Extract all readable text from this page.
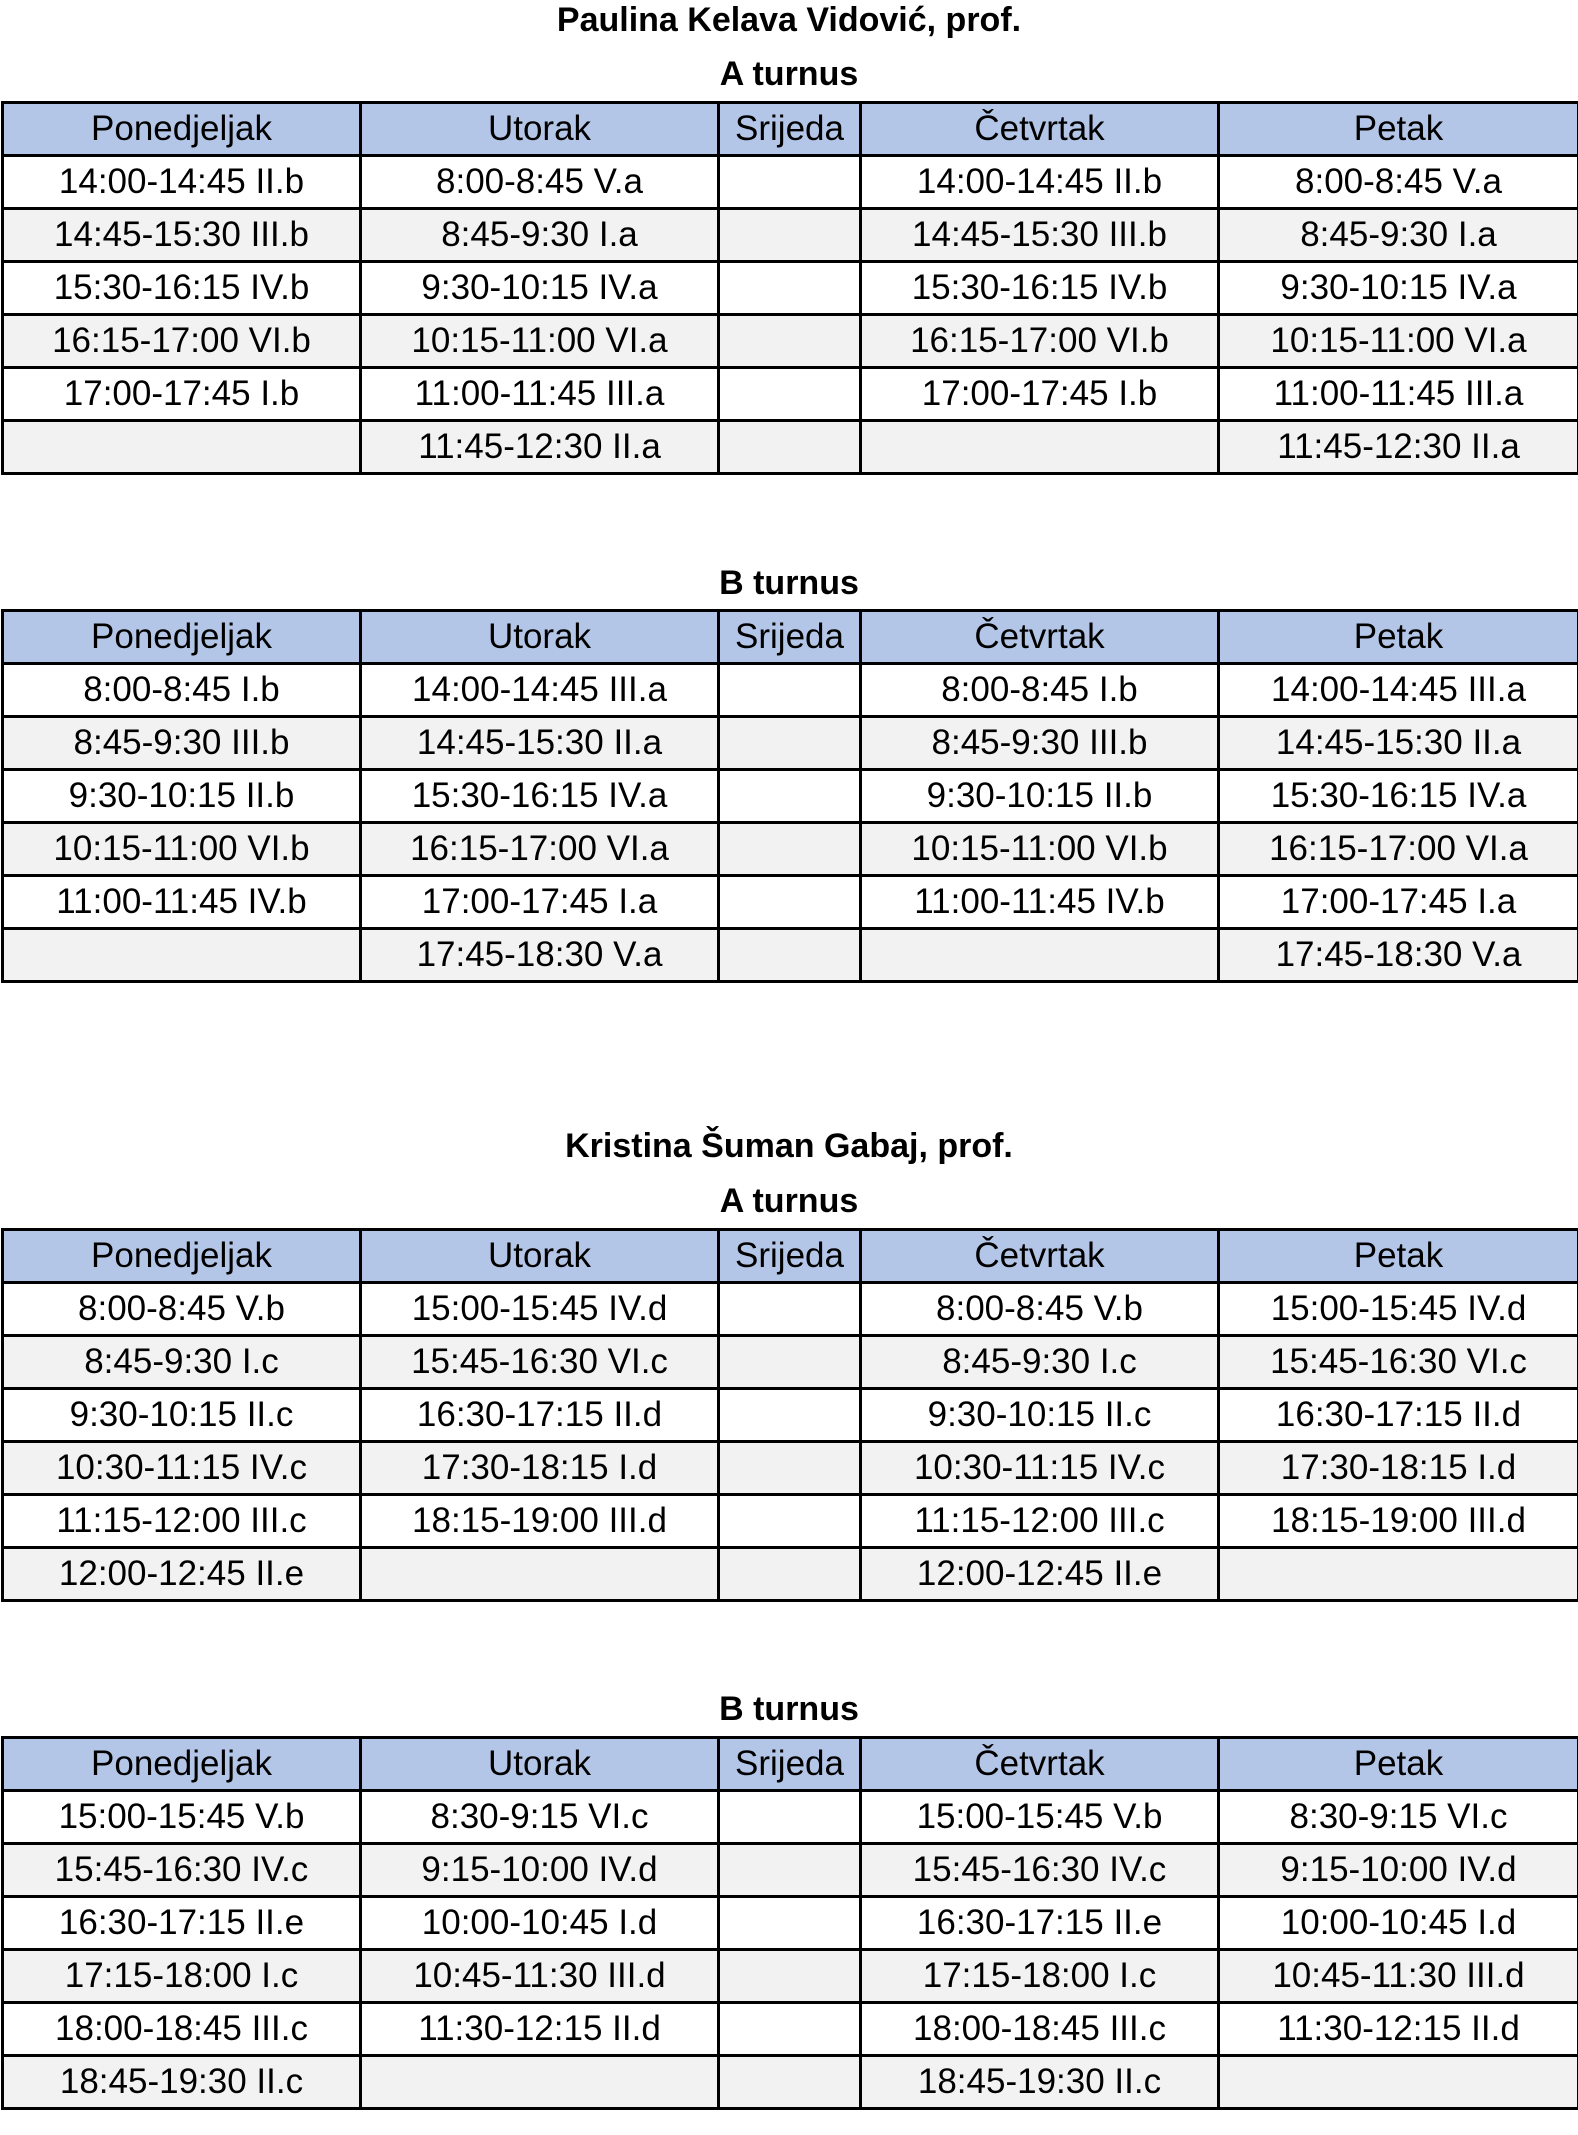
Paulina Kelava Vidović, prof.
A turnus
Ponedjeljak	Utorak	Srijeda	Četvrtak	Petak
14:00-14:45 II.b	8:00-8:45 V.a		14:00-14:45 II.b	8:00-8:45 V.a
14:45-15:30 III.b	8:45-9:30 I.a		14:45-15:30 III.b	8:45-9:30 I.a
15:30-16:15 IV.b	9:30-10:15 IV.a		15:30-16:15 IV.b	9:30-10:15 IV.a
16:15-17:00 VI.b	10:15-11:00 VI.a		16:15-17:00 VI.b	10:15-11:00 VI.a
17:00-17:45 I.b	11:00-11:45 III.a		17:00-17:45 I.b	11:00-11:45 III.a
	11:45-12:30 II.a			11:45-12:30 II.a
B turnus
Ponedjeljak	Utorak	Srijeda	Četvrtak	Petak
8:00-8:45 I.b	14:00-14:45 III.a		8:00-8:45 I.b	14:00-14:45 III.a
8:45-9:30 III.b	14:45-15:30 II.a		8:45-9:30 III.b	14:45-15:30 II.a
9:30-10:15 II.b	15:30-16:15 IV.a		9:30-10:15 II.b	15:30-16:15 IV.a
10:15-11:00 VI.b	16:15-17:00 VI.a		10:15-11:00 VI.b	16:15-17:00 VI.a
11:00-11:45 IV.b	17:00-17:45 I.a		11:00-11:45 IV.b	17:00-17:45 I.a
	17:45-18:30 V.a			17:45-18:30 V.a
Kristina Šuman Gabaj, prof.
A turnus
Ponedjeljak	Utorak	Srijeda	Četvrtak	Petak
8:00-8:45 V.b	15:00-15:45 IV.d		8:00-8:45 V.b	15:00-15:45 IV.d
8:45-9:30 I.c	15:45-16:30 VI.c		8:45-9:30 I.c	15:45-16:30 VI.c
9:30-10:15 II.c	16:30-17:15 II.d		9:30-10:15 II.c	16:30-17:15 II.d
10:30-11:15 IV.c	17:30-18:15 I.d		10:30-11:15 IV.c	17:30-18:15 I.d
11:15-12:00 III.c	18:15-19:00 III.d		11:15-12:00 III.c	18:15-19:00 III.d
12:00-12:45 II.e			12:00-12:45 II.e	
B turnus
Ponedjeljak	Utorak	Srijeda	Četvrtak	Petak
15:00-15:45 V.b	8:30-9:15 VI.c		15:00-15:45 V.b	8:30-9:15 VI.c
15:45-16:30 IV.c	9:15-10:00 IV.d		15:45-16:30 IV.c	9:15-10:00 IV.d
16:30-17:15 II.e	10:00-10:45 I.d		16:30-17:15 II.e	10:00-10:45 I.d
17:15-18:00 I.c	10:45-11:30 III.d		17:15-18:00 I.c	10:45-11:30 III.d
18:00-18:45 III.c	11:30-12:15 II.d		18:00-18:45 III.c	11:30-12:15 II.d
18:45-19:30 II.c			18:45-19:30 II.c	
